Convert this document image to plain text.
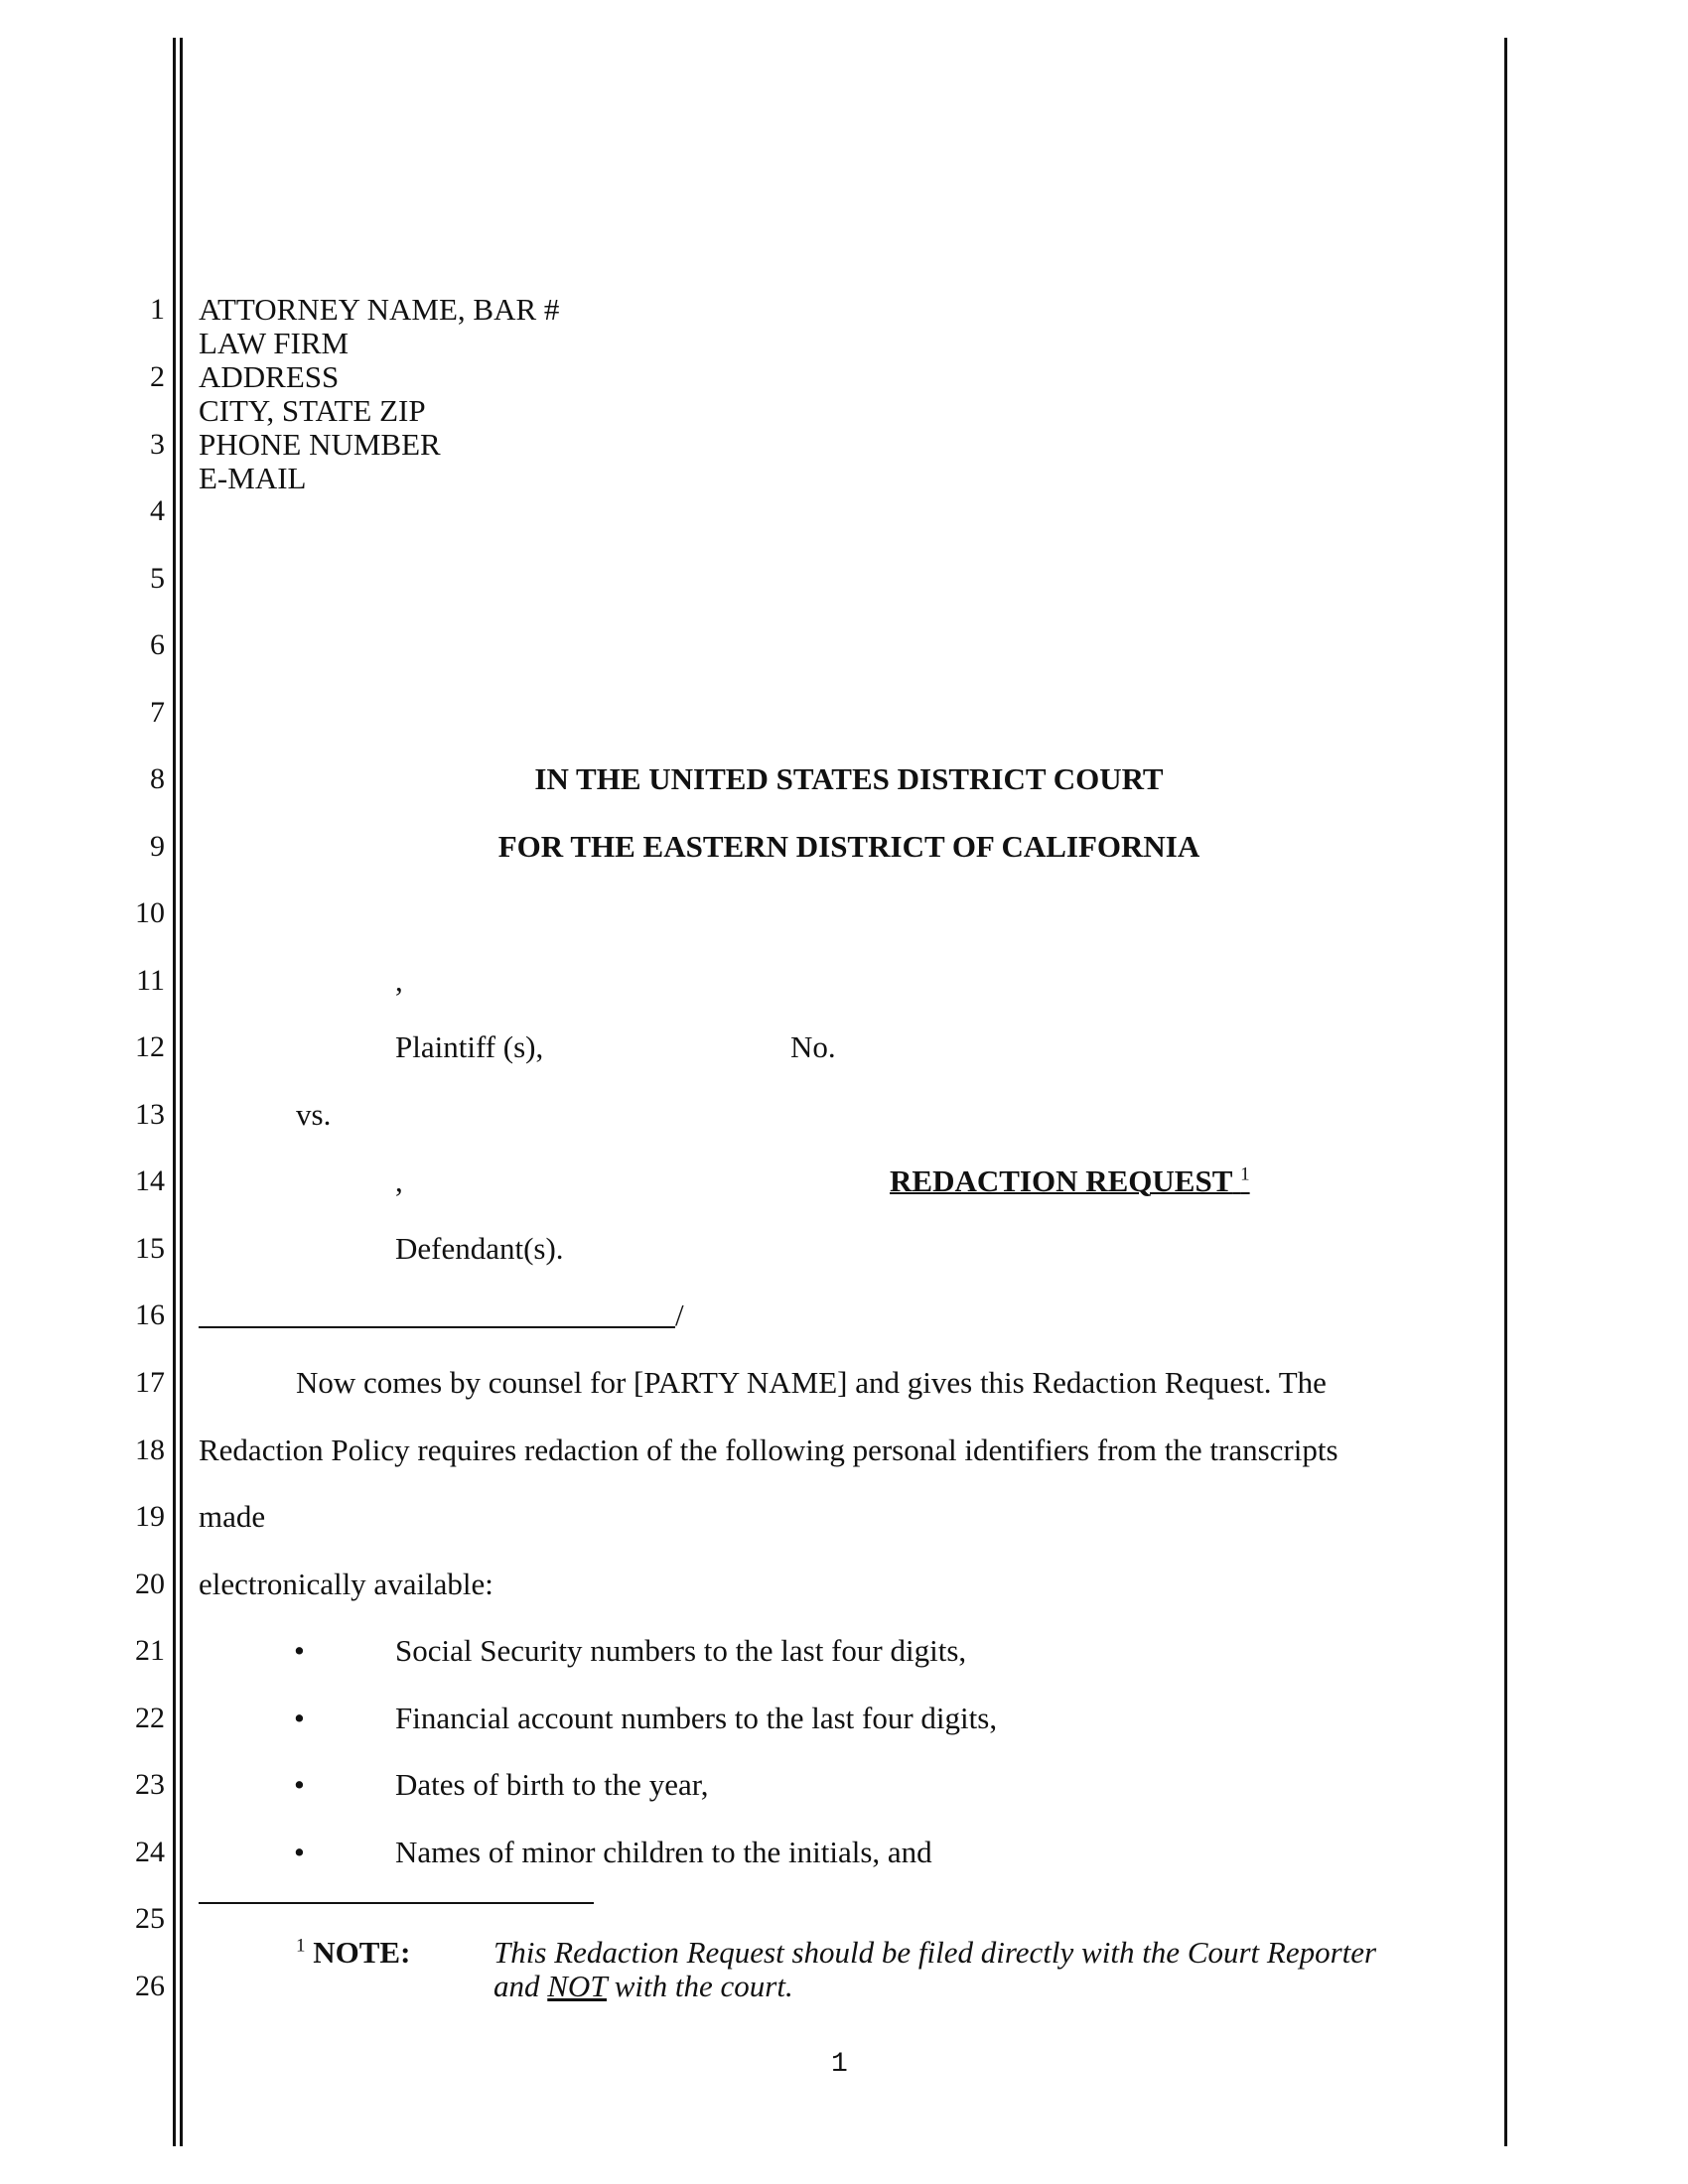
1
2
3
4
5
6
7
8
9
10
11
12
13
14
15
16
17
18
19
20
21
22
23
24
25
26
ATTORNEY NAME, BAR #
LAW FIRM
ADDRESS
CITY, STATE ZIP
PHONE NUMBER
E-MAIL
IN THE UNITED STATES DISTRICT COURT
FOR THE EASTERN DISTRICT OF CALIFORNIA
,
Plaintiff (s),	No.
vs.
,	REDACTION REQUEST $^1$
Defendant(s).
/
Now comes by counsel for [PARTY NAME] and gives this Redaction Request. The
Redaction Policy requires redaction of the following personal identifiers from the transcripts
made
electronically available:
•	Social Security numbers to the last four digits,
•	Financial account numbers to the last four digits,
•	Dates of birth to the year,
•	Names of minor children to the initials, and
$^1$ NOTE:	This Redaction Request should be filed directly with the Court Reporter
and NOT with the court.
1
